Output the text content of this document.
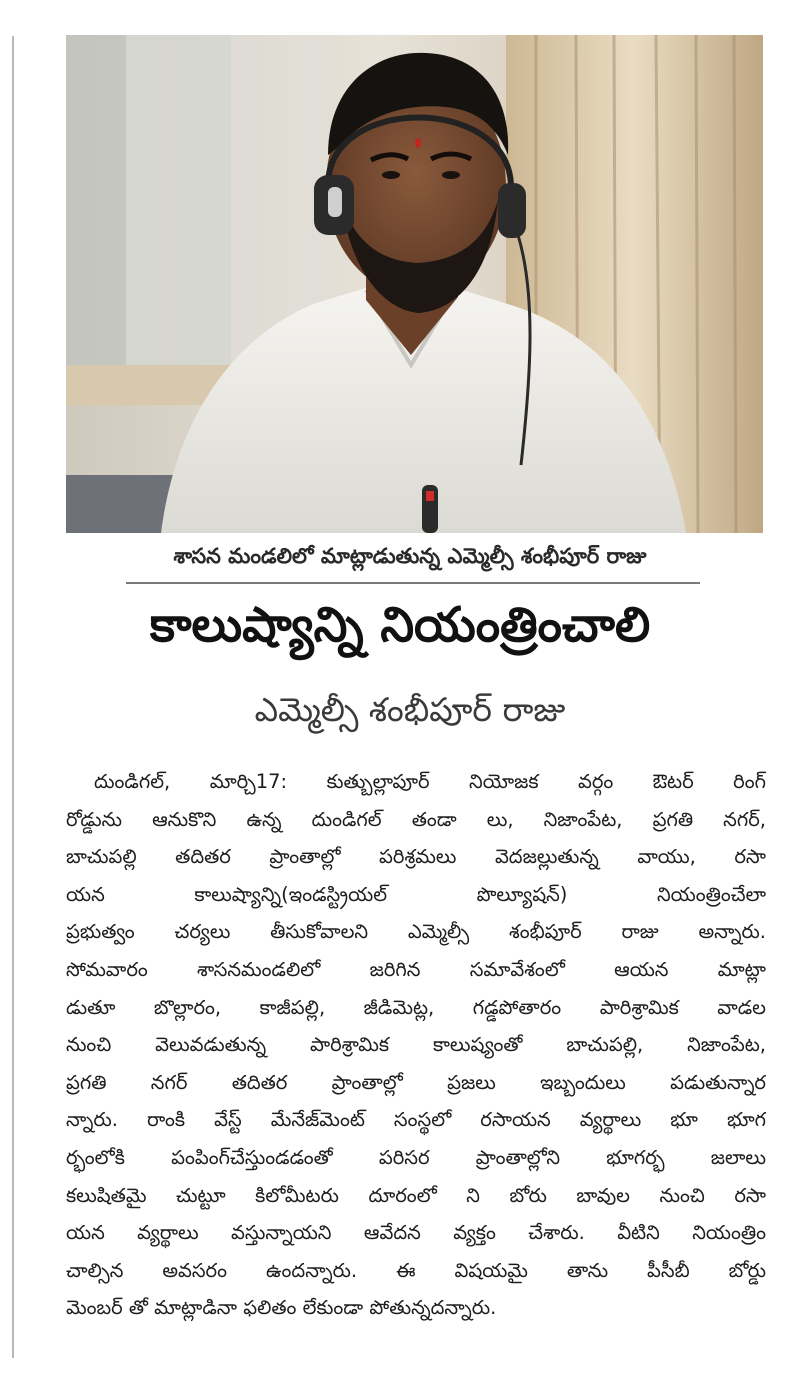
శాసన మండలిలో మాట్లాడుతున్న ఎమ్మెల్సీ శంభీపూర్ రాజు
కాలుష్యాన్ని నియంత్రించాలి
ఎమ్మెల్సీ శంభీపూర్ రాజు
దుండిగల్, మార్చి17: కుత్బుల్లాపూర్ నియోజక వర్గం ఔటర్ రింగ్
రోడ్డును ఆనుకొని ఉన్న దుండిగల్ తండా లు, నిజాంపేట, ప్రగతి నగర్,
బాచుపల్లి తదితర ప్రాంతాల్లో పరిశ్రమలు వెదజల్లుతున్న వాయు, రసా
యన కాలుష్యాన్ని(ఇండస్ట్రియల్ పొల్యూషన్) నియంత్రించేలా
ప్రభుత్వం చర్యలు తీసుకోవాలని ఎమ్మెల్సీ శంభీపూర్ రాజు అన్నారు.
సోమవారం శాసనమండలిలో జరిగిన సమావేశంలో ఆయన మాట్లా
డుతూ బొల్లారం, కాజీపల్లి, జీడిమెట్ల, గడ్డపోతారం పారిశ్రామిక వాడల
నుంచి వెలువడుతున్న పారిశ్రామిక కాలుష్యంతో బాచుపల్లి, నిజాంపేట,
ప్రగతి నగర్ తదితర ప్రాంతాల్లో ప్రజలు ఇబ్బందులు పడుతున్నార
న్నారు. రాంకి వేస్ట్ మేనేజ్‌మెంట్ సంస్థలో రసాయన వ్యర్థాలు భూ భూగ
ర్భంలోకి పంపింగ్‌చేస్తుండడంతో పరిసర ప్రాంతాల్లోని భూగర్భ జలాలు
కలుషితమై చుట్టూ కిలోమీటరు దూరంలో ని బోరు బావుల నుంచి రసా
యన వ్యర్థాలు వస్తున్నాయని ఆవేదన వ్యక్తం చేశారు. వీటిని నియంత్రిం
చాల్సిన అవసరం ఉందన్నారు. ఈ విషయమై తాను పీసీబీ బోర్డు
మెంబర్ తో మాట్లాడినా ఫలితం లేకుండా పోతున్నదన్నారు.
